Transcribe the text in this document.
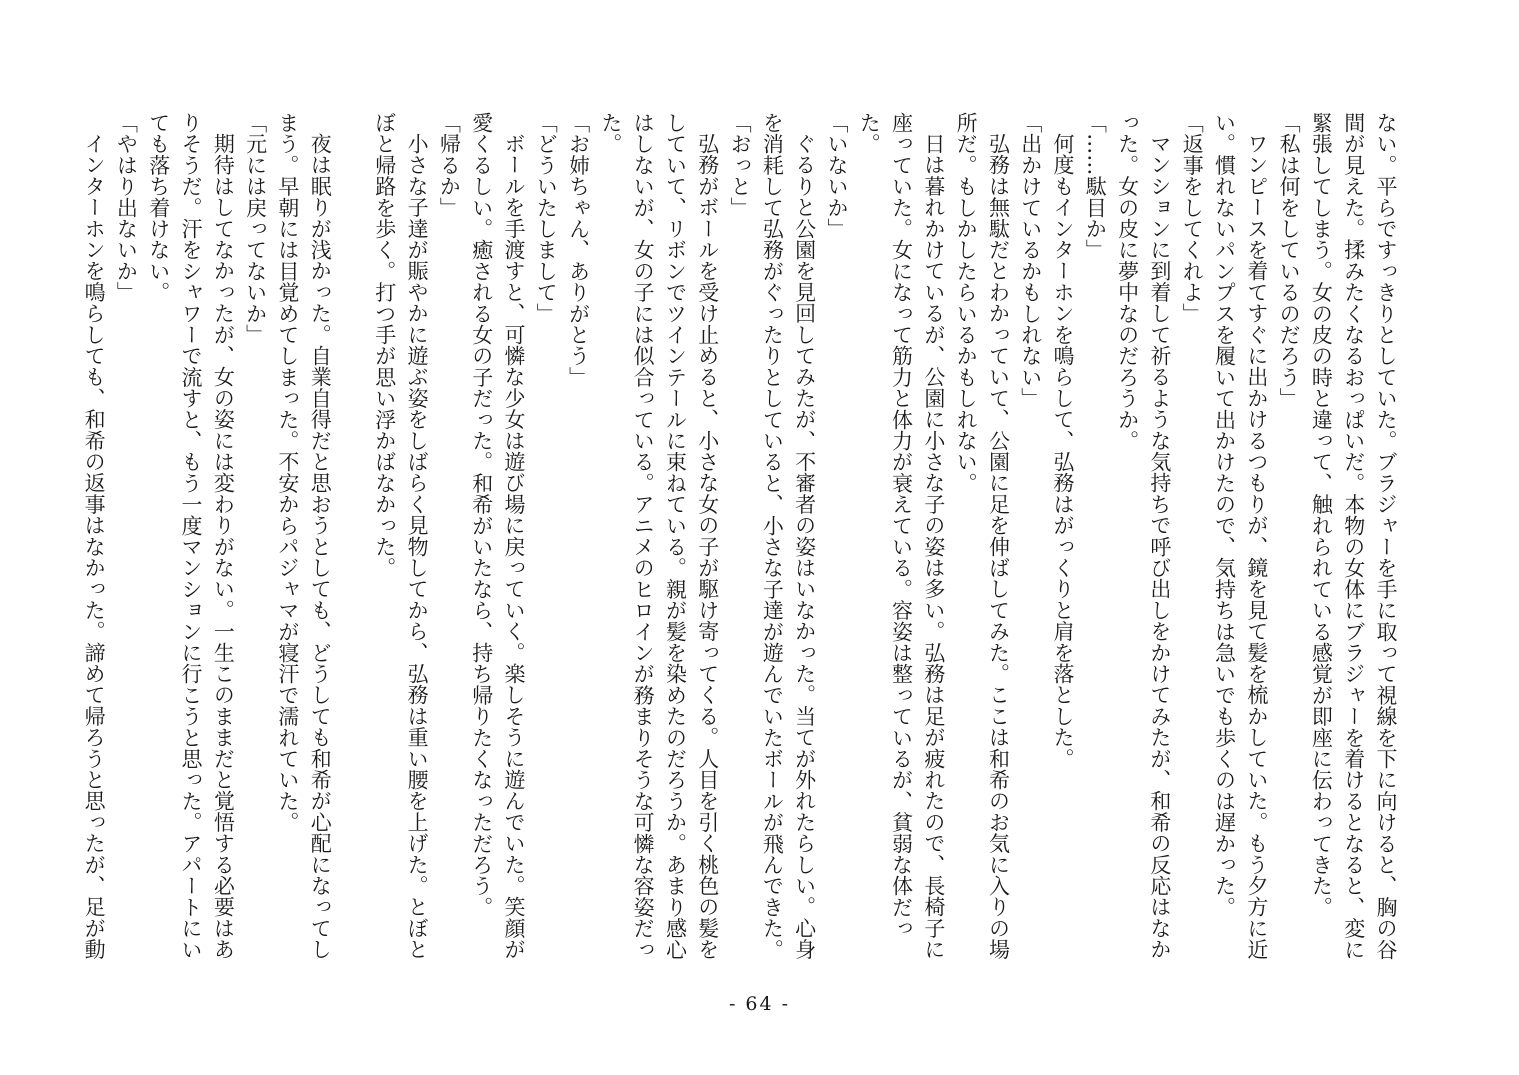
ない。平らですっきりとしていた。ブラジャーを手に取って視線を下に向けると、胸の谷間が見えた。揉みたくなるおっぱいだ。本物の女体にブラジャーを着けるとなると、変に緊張してしまう。女の皮の時と違って、触れられている感覚が即座に伝わってきた。

「私は何をしているのだろう」

ワンピースを着てすぐに出かけるつもりが、鏡を見て髪を梳かしていた。もう夕方に近い。慣れないパンプスを履いて出かけたので、気持ちは急いでも歩くのは遅かった。

「返事をしてくれよ」

マンションに到着して祈るような気持ちで呼び出しをかけてみたが、和希の反応はなかった。女の皮に夢中なのだろうか。

「……駄目か」

何度もインターホンを鳴らして、弘務はがっくりと肩を落とした。

「出かけているかもしれない」

弘務は無駄だとわかっていて、公園に足を伸ばしてみた。ここは和希のお気に入りの場所だ。もしかしたらいるかもしれない。

日は暮れかけているが、公園に小さな子の姿は多い。弘務は足が疲れたので、長椅子に座っていた。女になって筋力と体力が衰えている。容姿は整っているが、貧弱な体だった。

「いないか」

ぐるりと公園を見回してみたが、不審者の姿はいなかった。当てが外れたらしい。心身を消耗して弘務がぐったりとしていると、小さな子達が遊んでいたボールが飛んできた。

「おっと」

弘務がボールを受け止めると、小さな女の子が駆け寄ってくる。人目を引く桃色の髪をしていて、リボンでツインテールに束ねている。親が髪を染めたのだろうか。あまり感心はしないが、女の子には似合っている。アニメのヒロインが務まりそうな可憐な容姿だった。

「お姉ちゃん、ありがとう」

「どういたしまして」

ボールを手渡すと、可憐な少女は遊び場に戻っていく。楽しそうに遊んでいた。笑顔が愛くるしい。癒される女の子だった。和希がいたなら、持ち帰りたくなっただろう。

「帰るか」

小さな子達が賑やかに遊ぶ姿をしばらく見物してから、弘務は重い腰を上げた。とぼとぼと帰路を歩く。打つ手が思い浮かばなかった。

夜は眠りが浅かった。自業自得だと思おうとしても、どうしても和希が心配になってしまう。早朝には目覚めてしまった。不安からパジャマが寝汗で濡れていた。

「元には戻ってないか」

期待はしてなかったが、女の姿には変わりがない。一生このままだと覚悟する必要はありそうだ。汗をシャワーで流すと、もう一度マンションに行こうと思った。アパートにいても落ち着けない。

「やはり出ないか」

インターホンを鳴らしても、和希の返事はなかった。諦めて帰ろうと思ったが、足が動

- 64 -
